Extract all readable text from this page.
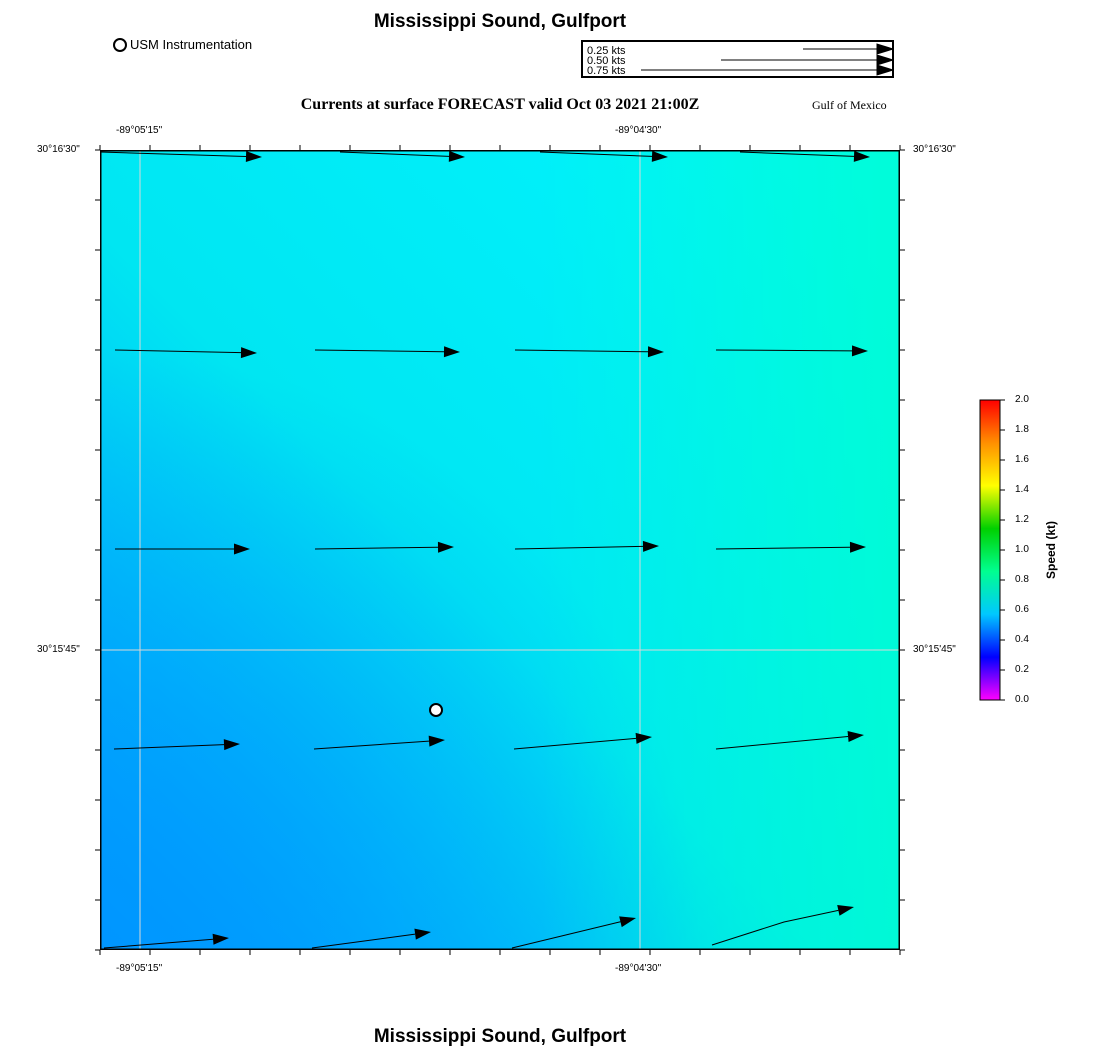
Mississippi Sound, Gulfport
USM Instrumentation	0.25 kts
0.50 kts
0.75 kts
Currents at surface FORECAST valid Oct 03 2021 21:00Z	Gulf of Mexico
-89°05'15"	-89°04'30"
-89°05'15"	-89°04'30"
30°16'30"
30°15'45"
30°16'30"
30°15'45"
Speed (kt)
Mississippi Sound, Gulfport
2.0
1.8
1.6
1.4
1.2
1.0
0.8
0.6
0.4
0.2
0.0
